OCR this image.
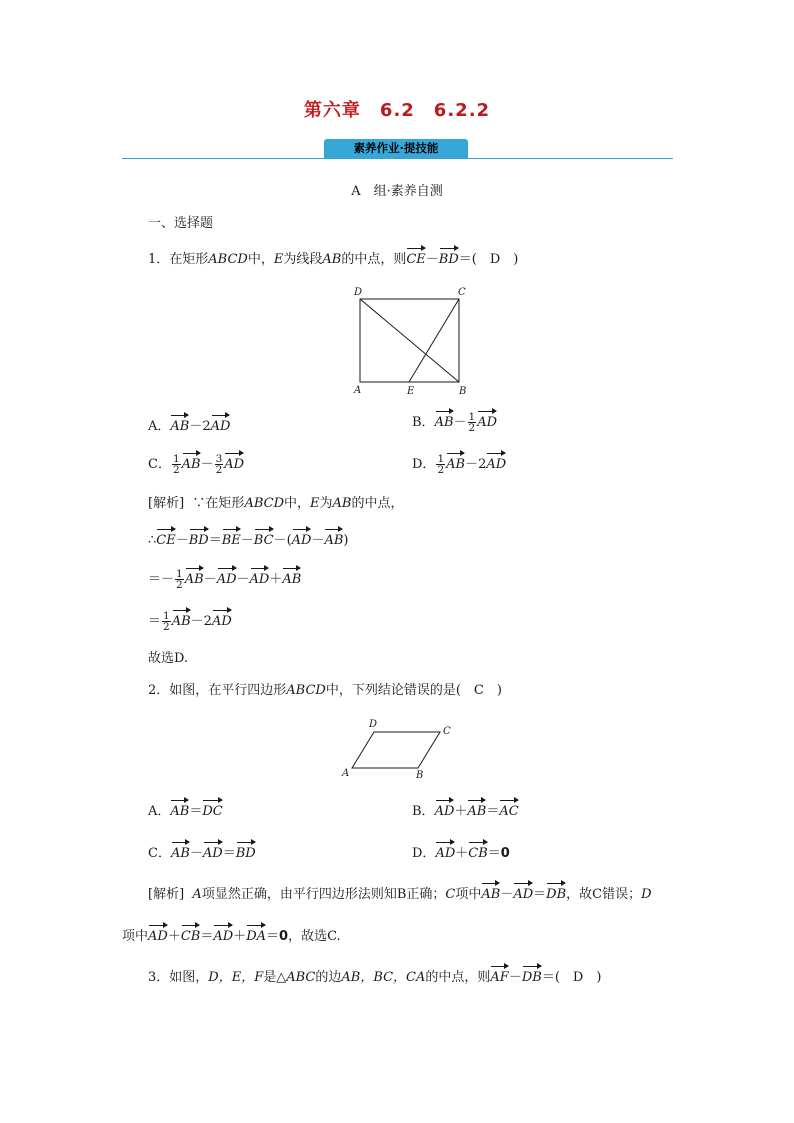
第六章　6.2　6.2.2
素养作业·提技能
A　组·素养自测
一、选择题
1．在矩形ABCD中，E为线段AB的中点，则CE－BD＝(　D　)
D	C
A	E	B
A．AB－2AD	B．$AB- \frac{1}{2}$ AD
C． $\frac{1}{2} AB- \frac{3}{2}$ AD	D． $\frac{1}{2} AB-2AD$
[解析] ∵在矩形ABCD中，E为AB的中点，
∴CE－BD＝BE－BC－(AD－AB)
＝－ $\frac{1}{2} AB-AD-AD+AB$
＝ $\frac{1}{2} AB-2AD$
故选D.
2．如图，在平行四边形ABCD中，下列结论错误的是(　C　)
D
C
A	B
A．AB＝DC	B．AD＋AB＝AC
C．AB－AD＝BD	D．AD＋CB＝0
[解析] A项显然正确，由平行四边形法则知B正确；C项中AB－AD＝DB，故C错误；D
项中AD＋CB＝AD＋DA＝0，故选C.
3．如图，D，E，F是△ABC的边AB，BC，CA的中点，则AF－DB＝(　D　)
